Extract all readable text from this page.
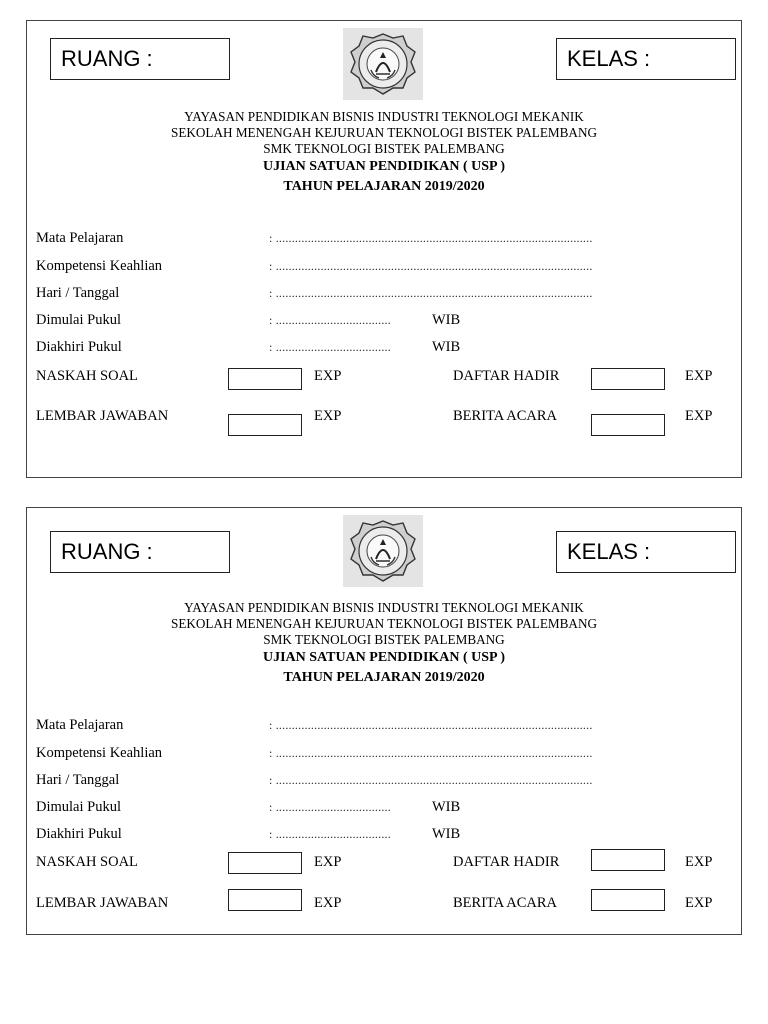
RUANG :	KELAS :
YAYASAN PENDIDIKAN BISNIS INDUSTRI TEKNOLOGI MEKANIK
SEKOLAH MENENGAH KEJURUAN TEKNOLOGI BISTEK PALEMBANG
SMK TEKNOLOGI BISTEK PALEMBANG
UJIAN SATUAN PENDIDIKAN ( USP )
TAHUN PELAJARAN 2019/2020
Mata Pelajaran	: ...................................................................................................
Kompetensi Keahlian	: ...................................................................................................
Hari / Tanggal	: ...................................................................................................
Dimulai Pukul	: ....................................	WIB
Diakhiri Pukul	: ....................................	WIB
NASKAH SOAL	EXP	DAFTAR HADIR	EXP
LEMBAR JAWABAN	EXP	BERITA ACARA	EXP
RUANG :	KELAS :
YAYASAN PENDIDIKAN BISNIS INDUSTRI TEKNOLOGI MEKANIK
SEKOLAH MENENGAH KEJURUAN TEKNOLOGI BISTEK PALEMBANG
SMK TEKNOLOGI BISTEK PALEMBANG
UJIAN SATUAN PENDIDIKAN ( USP )
TAHUN PELAJARAN 2019/2020
Mata Pelajaran	: ...................................................................................................
Kompetensi Keahlian	: ...................................................................................................
Hari / Tanggal	: ...................................................................................................
Dimulai Pukul	: ....................................	WIB
Diakhiri Pukul	: ....................................	WIB
NASKAH SOAL	EXP	DAFTAR HADIR	EXP
LEMBAR JAWABAN	EXP	BERITA ACARA	EXP
